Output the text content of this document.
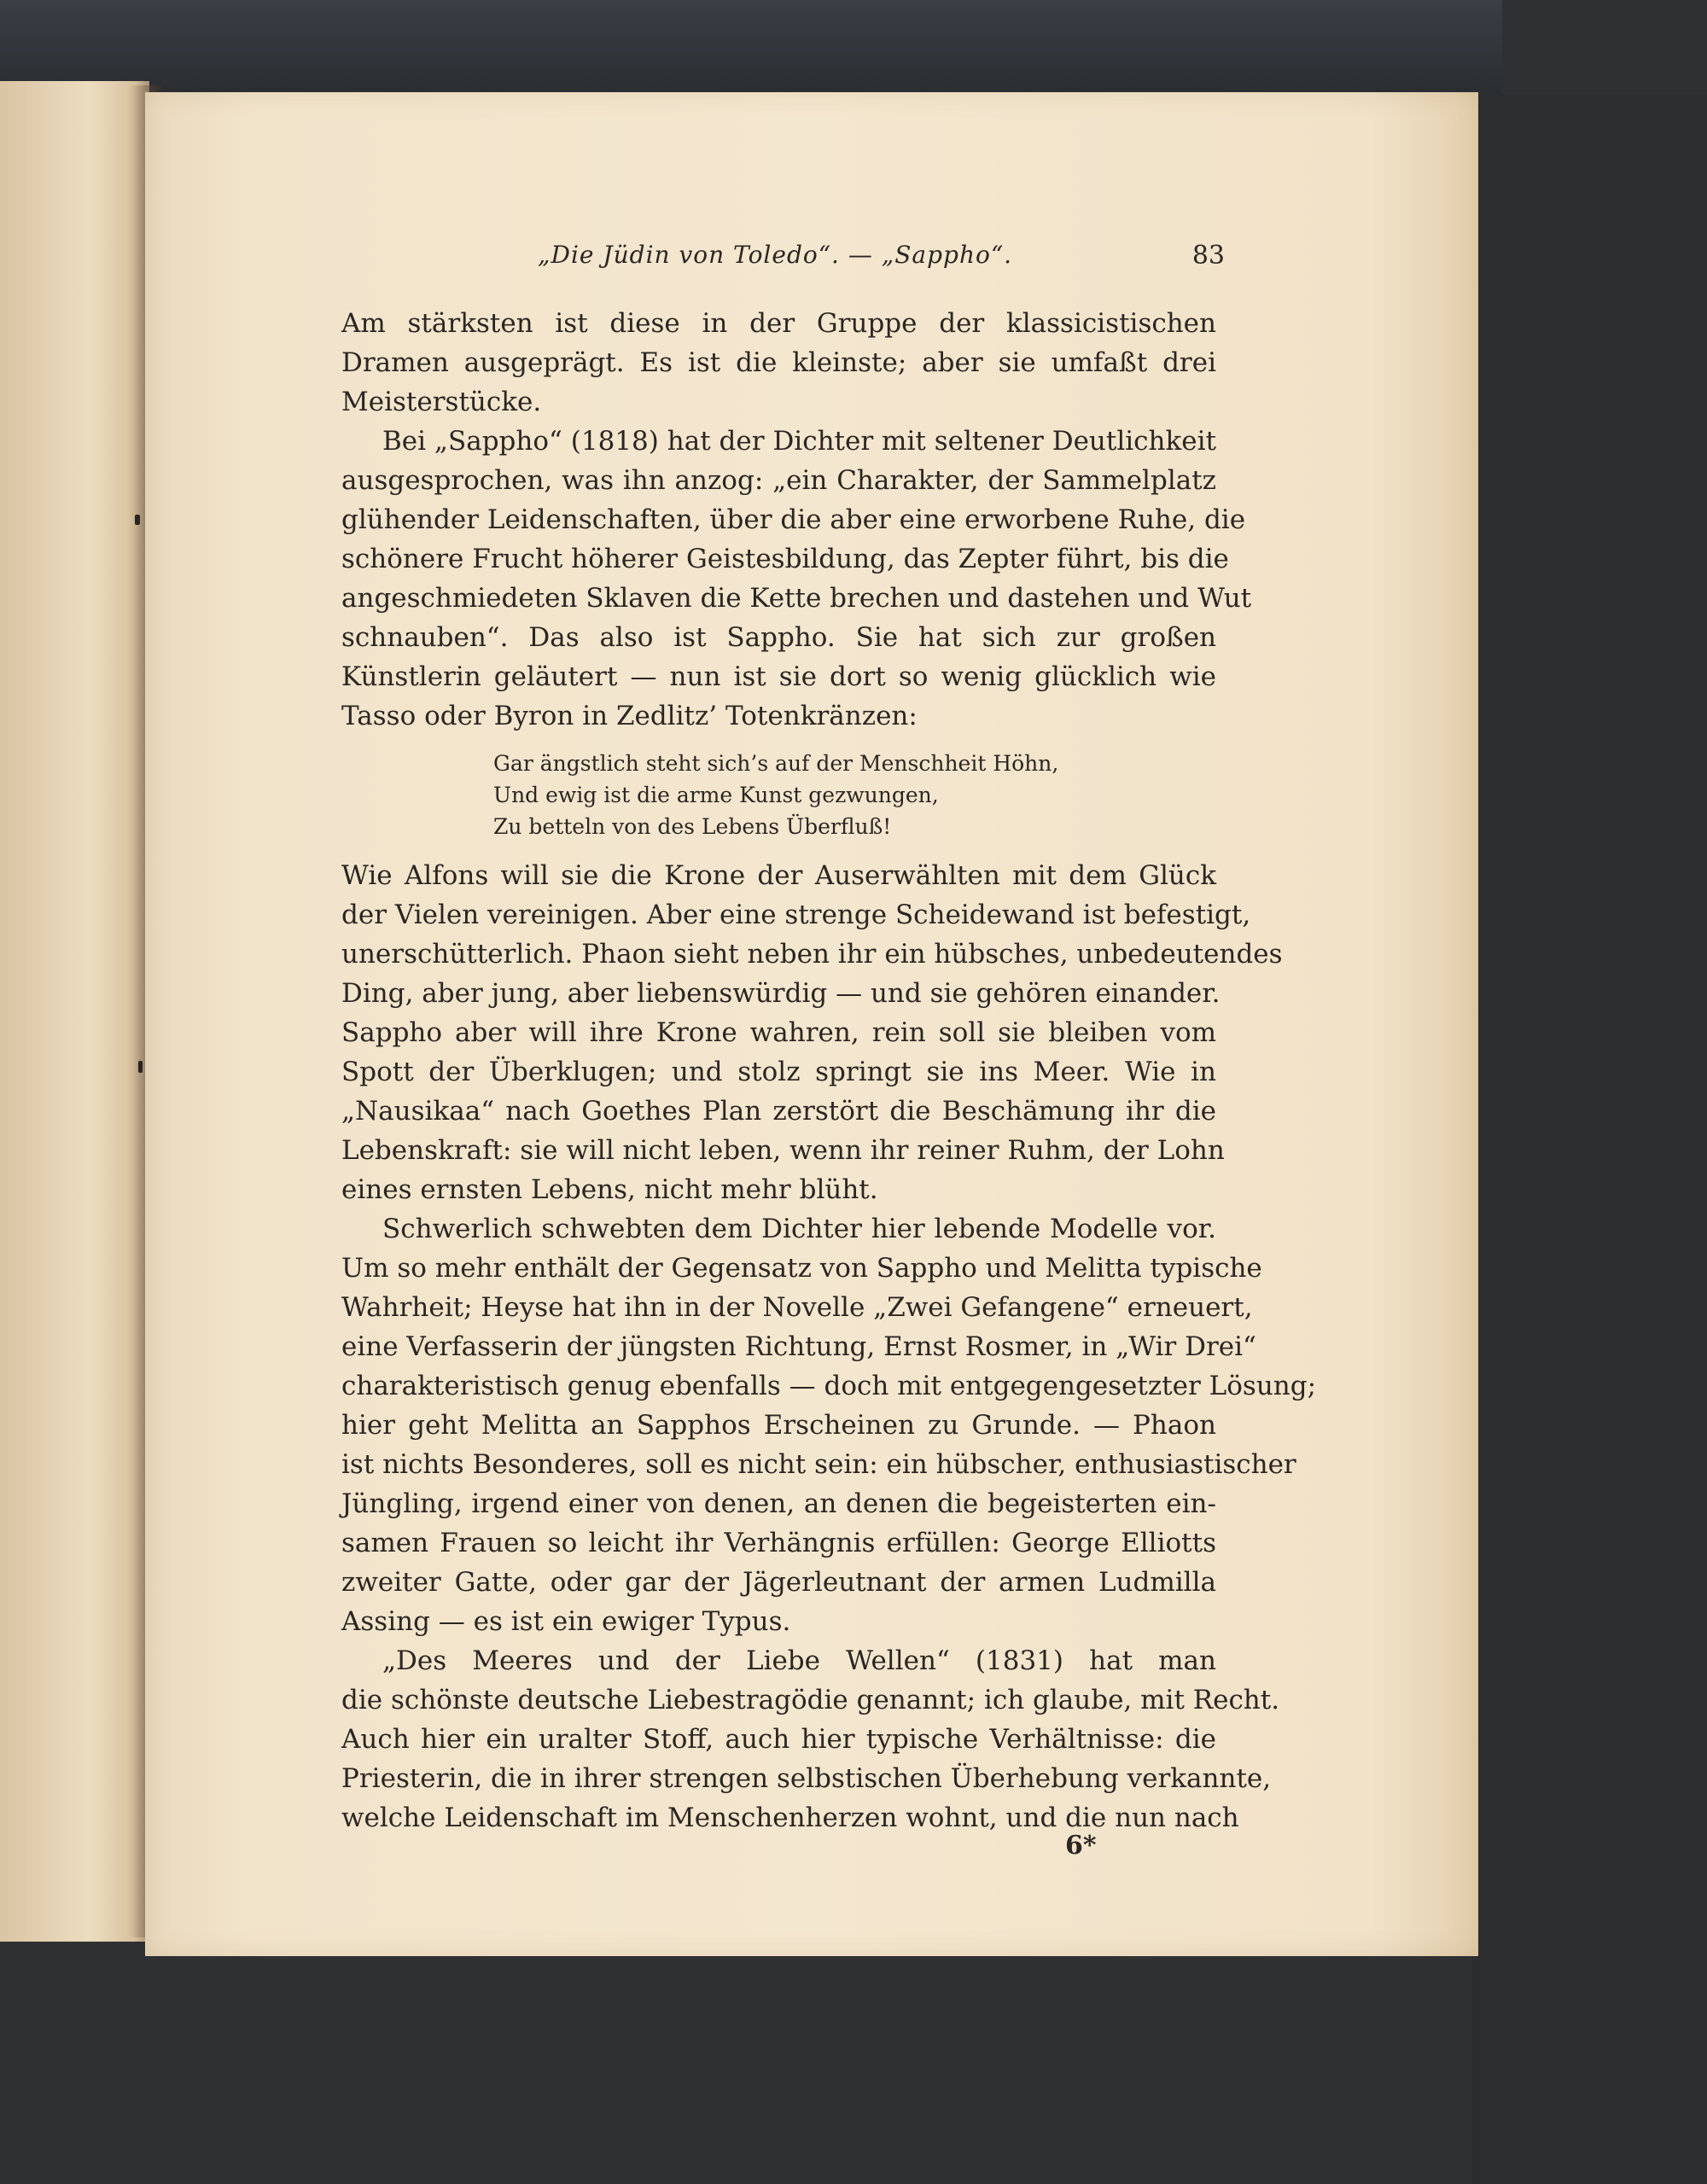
„Die Jüdin von Toledo“. — „Sappho“.	83
Am stärksten ist diese in der Gruppe der klassicistischen
Dramen ausgeprägt. Es ist die kleinste; aber sie umfaßt drei
Meisterstücke.
Bei „Sappho“ (1818) hat der Dichter mit seltener Deutlichkeit
ausgesprochen, was ihn anzog: „ein Charakter, der Sammelplatz
glühender Leidenschaften, über die aber eine erworbene Ruhe, die
schönere Frucht höherer Geistesbildung, das Zepter führt, bis die
angeschmiedeten Sklaven die Kette brechen und dastehen und Wut
schnauben“. Das also ist Sappho. Sie hat sich zur großen
Künstlerin geläutert — nun ist sie dort so wenig glücklich wie
Tasso oder Byron in Zedlitz’ Totenkränzen:
Gar ängstlich steht sich’s auf der Menschheit Höhn,
Und ewig ist die arme Kunst gezwungen,
Zu betteln von des Lebens Überfluß!
Wie Alfons will sie die Krone der Auserwählten mit dem Glück
der Vielen vereinigen. Aber eine strenge Scheidewand ist befestigt,
unerschütterlich. Phaon sieht neben ihr ein hübsches, unbedeutendes
Ding, aber jung, aber liebenswürdig — und sie gehören einander.
Sappho aber will ihre Krone wahren, rein soll sie bleiben vom
Spott der Überklugen; und stolz springt sie ins Meer. Wie in
„Nausikaa“ nach Goethes Plan zerstört die Beschämung ihr die
Lebenskraft: sie will nicht leben, wenn ihr reiner Ruhm, der Lohn
eines ernsten Lebens, nicht mehr blüht.
Schwerlich schwebten dem Dichter hier lebende Modelle vor.
Um so mehr enthält der Gegensatz von Sappho und Melitta typische
Wahrheit; Heyse hat ihn in der Novelle „Zwei Gefangene“ erneuert,
eine Verfasserin der jüngsten Richtung, Ernst Rosmer, in „Wir Drei“
charakteristisch genug ebenfalls — doch mit entgegengesetzter Lösung;
hier geht Melitta an Sapphos Erscheinen zu Grunde. — Phaon
ist nichts Besonderes, soll es nicht sein: ein hübscher, enthusiastischer
Jüngling, irgend einer von denen, an denen die begeisterten ein-
samen Frauen so leicht ihr Verhängnis erfüllen: George Elliotts
zweiter Gatte, oder gar der Jägerleutnant der armen Ludmilla
Assing — es ist ein ewiger Typus.
„Des Meeres und der Liebe Wellen“ (1831) hat man
die schönste deutsche Liebestragödie genannt; ich glaube, mit Recht.
Auch hier ein uralter Stoff, auch hier typische Verhältnisse: die
Priesterin, die in ihrer strengen selbstischen Überhebung verkannte,
welche Leidenschaft im Menschenherzen wohnt, und die nun nach
6*
